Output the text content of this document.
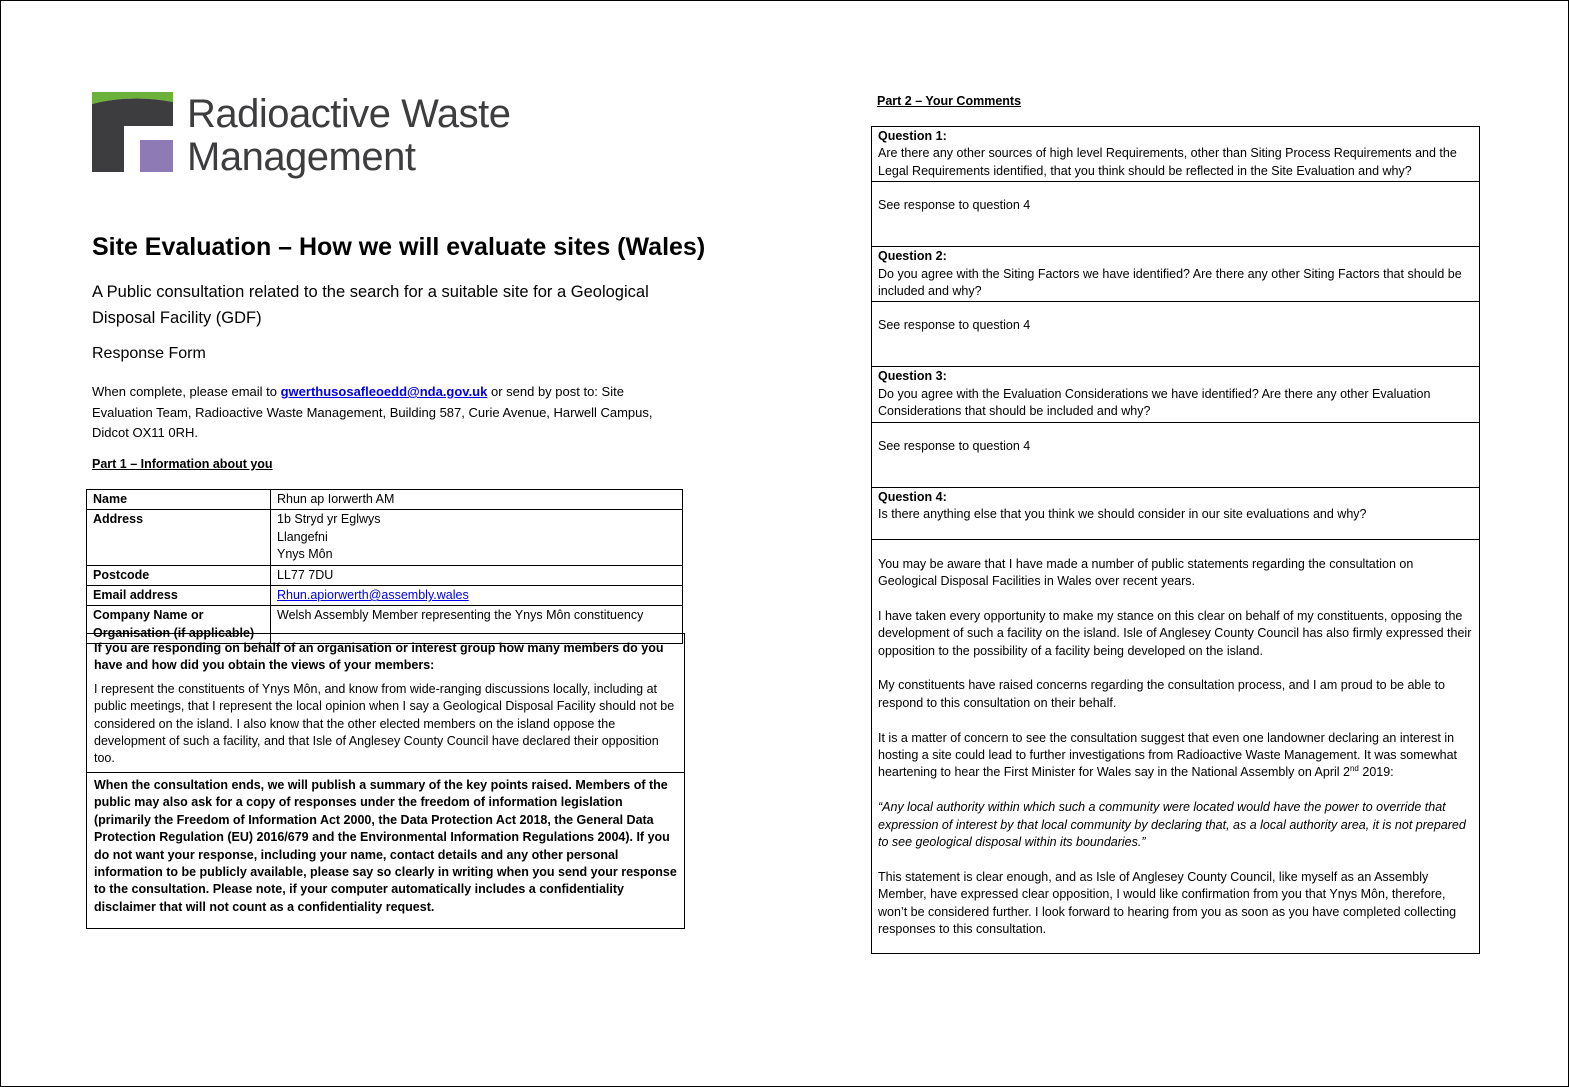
Radioactive Waste
Management
Site Evaluation – How we will evaluate sites (Wales)
A Public consultation related to the search for a suitable site for a Geological Disposal Facility (GDF)
Response Form
When complete, please email to gwerthusosafleoedd@nda.gov.uk or send by post to: Site Evaluation Team, Radioactive Waste Management, Building 587, Curie Avenue, Harwell Campus, Didcot OX11 0RH.
Part 1 – Information about you
Name	Rhun ap Iorwerth AM
Address	1b Stryd yr Eglwys
Llangefni
Ynys Môn

Postcode	LL77 7DU
Email address	Rhun.apiorwerth@assembly.wales
Company Name or Organisation (if applicable)	Welsh Assembly Member representing the Ynys Môn constituency
If you are responding on behalf of an organisation or interest group how many members do you have and how did you obtain the views of your members:
I represent the constituents of Ynys Môn, and know from wide-ranging discussions locally, including at public meetings, that I represent the local opinion when I say a Geological Disposal Facility should not be considered on the island. I also know that the other elected members on the island oppose the development of such a facility, and that Isle of Anglesey County Council have declared their opposition too.
When the consultation ends, we will publish a summary of the key points raised. Members of the public may also ask for a copy of responses under the freedom of information legislation (primarily the Freedom of Information Act 2000, the Data Protection Act 2018, the General Data Protection Regulation (EU) 2016/679 and the Environmental Information Regulations 2004). If you do not want your response, including your name, contact details and any other personal information to be publicly available, please say so clearly in writing when you send your response to the consultation. Please note, if your computer automatically includes a confidentiality disclaimer that will not count as a confidentiality request.
Part 2 – Your Comments
Question 1:
Are there any other sources of high level Requirements, other than Siting Process Requirements and the Legal Requirements identified, that you think should be reflected in the Site Evaluation and why?
See response to question 4

Question 2:
Do you agree with the Siting Factors we have identified? Are there any other Siting Factors that should be included and why?
See response to question 4

Question 3:
Do you agree with the Evaluation Considerations we have identified? Are there any other Evaluation Considerations that should be included and why?
See response to question 4

Question 4:
Is there anything else that you think we should consider in our site evaluations and why?

You may be aware that I have made a number of public statements regarding the consultation on Geological Disposal Facilities in Wales over recent years.

I have taken every opportunity to make my stance on this clear on behalf of my constituents, opposing the development of such a facility on the island. Isle of Anglesey County Council has also firmly expressed their opposition to the possibility of a facility being developed on the island.

My constituents have raised concerns regarding the consultation process, and I am proud to be able to respond to this consultation on their behalf.

It is a matter of concern to see the consultation suggest that even one landowner declaring an interest in hosting a site could lead to further investigations from Radioactive Waste Management. It was somewhat heartening to hear the First Minister for Wales say in the National Assembly on April 2nd 2019:

“Any local authority within which such a community were located would have the power to override that expression of interest by that local community by declaring that, as a local authority area, it is not prepared to see geological disposal within its boundaries.”

This statement is clear enough, and as Isle of Anglesey County Council, like myself as an Assembly Member, have expressed clear opposition, I would like confirmation from you that Ynys Môn, therefore, won’t be considered further. I look forward to hearing from you as soon as you have completed collecting responses to this consultation.
